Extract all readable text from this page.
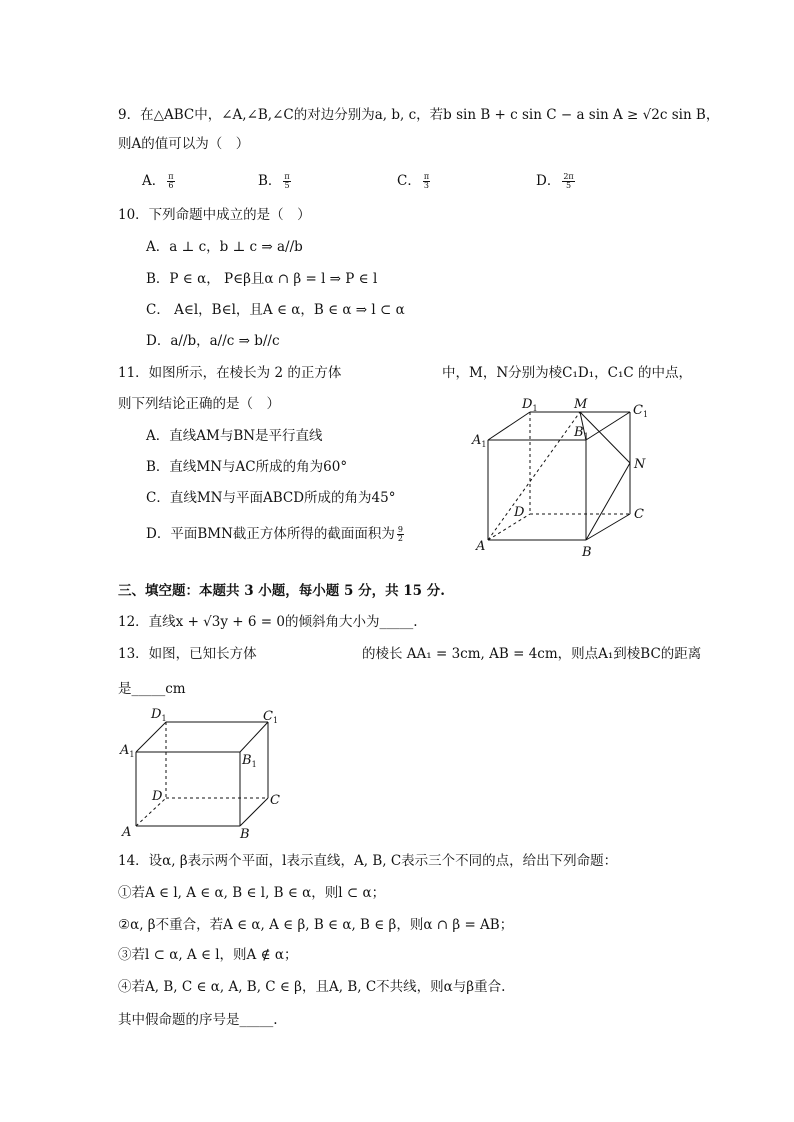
9．在△ABC中，∠A,∠B,∠C的对边分别为a, b, c，若b sin B + c sin C − a sin A ≥ √2c sin B，
则A的值可以为（　）
A． $\frac{\pi}{6}$	B． $\frac{\pi}{5}$	C． $\frac{\pi}{3}$	D． $\frac{2\pi}{5}$
10．下列命题中成立的是（　）
A．a ⊥ c，b ⊥ c ⇒ a//b
B．P ∈ α， P∈β且α ∩ β = l ⇒ P ∈ l
C． A∈l，B∈l，且A ∈ α，B ∈ α ⇒ l ⊂ α
D．a//b，a//c ⇒ b//c
11．如图所示，在棱长为 2 的正方体	中，M，N分别为棱C₁D₁，C₁C 的中点，
则下列结论正确的是（　）
A．直线AM与BN是平行直线
B．直线MN与AC所成的角为60°
C．直线MN与平面ABCD所成的角为45°
D．平面BMN截正方体所得的截面面积为 $\frac{9}{2}$
$D_1$	M	$C_1$
$A_1$
$B_1$
N
D	C
A	B
三、填空题：本题共 3 小题，每小题 5 分，共 15 分.
12．直线x + √3y + 6 = 0的倾斜角大小为_____.
13．如图，已知长方体	的棱长 AA₁ = 3cm, AB = 4cm，则点A₁到棱BC的距离
是_____cm
$D_1$	$C_1$
$A_1$	$B_1$
D	C
A	B
14．设α, β表示两个平面，l表示直线，A, B, C表示三个不同的点，给出下列命题：
①若A ∈ l, A ∈ α, B ∈ l, B ∈ α，则l ⊂ α；
②α, β不重合，若A ∈ α, A ∈ β, B ∈ α, B ∈ β，则α ∩ β = AB；
③若l ⊂ α, A ∈ l，则A ∉ α；
④若A, B, C ∈ α, A, B, C ∈ β，且A, B, C不共线，则α与β重合.
其中假命题的序号是_____.
